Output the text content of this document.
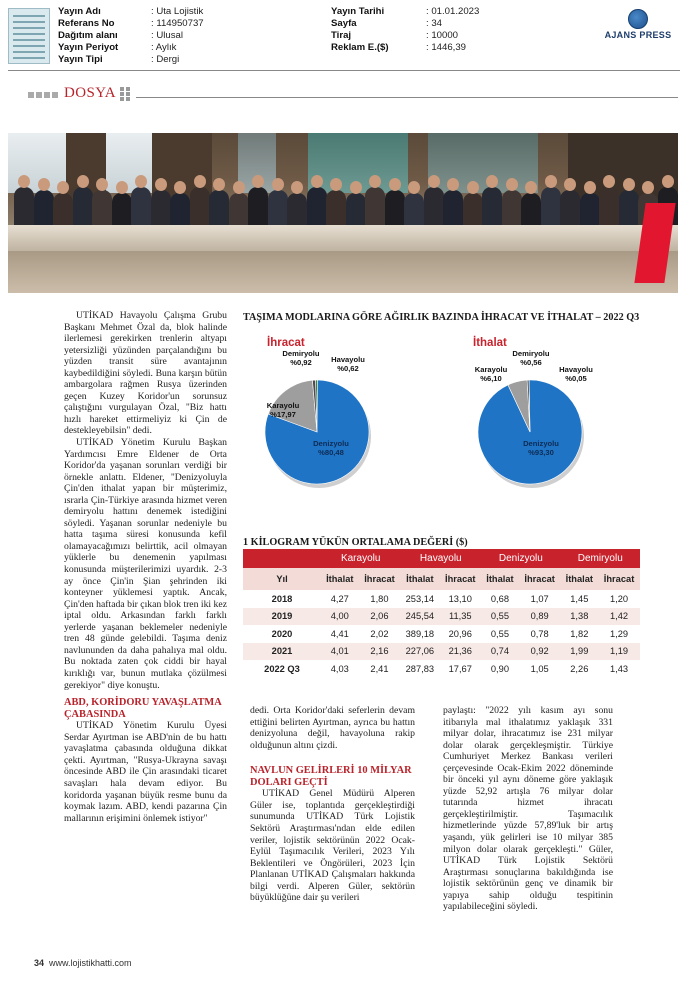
Yayın Adı	: Uta Lojistik
Referans No	: 114950737
Dağıtım alanı	: Ulusal
Yayın Periyot	: Aylık
Yayın Tipi	: Dergi
Yayın Tarihi	: 01.01.2023
Sayfa	: 34
Tiraj	: 10000
Reklam E.($)	: 1446,39
AJANS PRESS
DOSYA

UTİKAD Havayolu Çalışma Grubu Başkanı Mehmet Özal da, blok halinde ilerlemesi gerekirken trenlerin altyapı yetersizliği yüzünden parçalandığını bu yüzden transit süre avantajının kaybedildiğini söyledi. Buna karşın bütün ambargolara rağmen Rusya üzerinden geçen Kuzey Koridor'un sorunsuz çalıştığını vurgulayan Özal, "Biz hattı hızlı hareket ettirmeliyiz ki Çin de destekleyebilsin" dedi.

UTİKAD Yönetim Kurulu Başkan Yardımcısı Emre Eldener de Orta Koridor'da yaşanan sorunları verdiği bir örnekle anlattı. Eldener, "Denizyoluyla Çin'den ithalat yapan bir müşterimiz, ısrarla Çin-Türkiye arasında hizmet veren demiryolu hattını denemek istediğini söyledi. Yaşanan sorunlar nedeniyle bu hatta taşıma süresi konusunda kefil olamayacağımızı belirttik, acil olmayan yüklerle bu denemenin yapılması konusunda müşterilerimizi uyardık. 2-3 ay önce Çin'in Şian şehrinden iki konteyner yüklemesi yaptık. Ancak, Çin'den haftada bir çıkan blok tren iki kez iptal oldu. Arkasından farklı farklı yerlerde yaşanan beklemeler nedeniyle tren 48 günde gelebildi. Taşıma deniz navlununden da daha pahalıya mal oldu. Bu noktada zaten çok ciddi bir hayal kırıklığı var, bunun mutlaka çözülmesi gerekiyor" diye konuştu.

ABD, KORİDORU YAVAŞLATMA ÇABASINDA

UTİKAD Yönetim Kurulu Üyesi Serdar Ayırtman ise ABD'nin de bu hattı yavaşlatma çabasında olduğuna dikkat çekti. Ayırtman, "Rusya-Ukrayna savaşı öncesinde ABD ile Çin arasındaki ticaret savaşları hala devam ediyor. Bu koridorda yaşanan büyük resme bunu da koymak lazım. ABD, kendi pazarına Çin mallarının erişimini önlemek istiyor"

TAŞIMA MODLARINA GÖRE AĞIRLIK BAZINDA İHRACAT VE İTHALAT – 2022 Q3
İhracat
Denizyolu
%80,48
Karayolu
%17,97
Demiryolu
%0,92	Havayolu
%0,62
İthalat
Denizyolu
%93,30
Karayolu
%6,10
Demiryolu
%0,56
Havayolu
%0,05
1 KİLOGRAM YÜKÜN ORTALAMA DEĞERİ ($)
	Karayolu		Havayolu		Denizyolu		Demiryolu	
Yıl	İthalat	İhracat	İthalat	İhracat	İthalat	İhracat	İthalat	İhracat
2018	4,27	1,80	253,14	13,10	0,68	1,07	1,45	1,20
2019	4,00	2,06	245,54	11,35	0,55	0,89	1,38	1,42
2020	4,41	2,02	389,18	20,96	0,55	0,78	1,82	1,29
2021	4,01	2,16	227,06	21,36	0,74	0,92	1,99	1,19
2022 Q3	4,03	2,41	287,83	17,67	0,90	1,05	2,26	1,43

dedi. Orta Koridor'daki seferlerin devam ettiğini belirten Ayırtman, ayrıca bu hattın denizyoluna değil, havayoluna rakip olduğunun altını çizdi.

NAVLUN GELİRLERİ 10 MİLYAR DOLARI GEÇTİ

UTİKAD Genel Müdürü Alperen Güler ise, toplantıda gerçekleştirdiği sunumunda UTİKAD Türk Lojistik Sektörü Araştırması'ndan elde edilen veriler, lojistik sektörünün 2022 Ocak-Eylül Taşımacılık Verileri, 2023 Yılı Beklentileri ve Öngörüleri, 2023 İçin Planlanan UTİKAD Çalışmaları hakkında bilgi verdi. Alperen Güler, sektörün büyüklüğüne dair şu verileri

paylaştı: "2022 yılı kasım ayı sonu itibarıyla mal ithalatımız yaklaşık 331 milyar dolar, ihracatımız ise 231 milyar dolar olarak gerçekleşmiştir. Türkiye Cumhuriyet Merkez Bankası verileri çerçevesinde Ocak-Ekim 2022 döneminde bir önceki yıl aynı döneme göre yaklaşık yüzde 52,92 artışla 76 milyar dolar tutarında hizmet ihracatı gerçekleştirilmiştir. Taşımacılık hizmetlerinde yüzde 57,89'luk bir artış yaşandı, yük gelirleri ise 10 milyar 385 milyon dolar olarak gerçekleşti." Güler, UTİKAD Türk Lojistik Sektörü Araştırması sonuçlarına bakıldığında ise lojistik sektörünün genç ve dinamik bir yapıya sahip olduğu tespitinin yapılabileceğini söyledi.

34 www.lojistikhatti.com
